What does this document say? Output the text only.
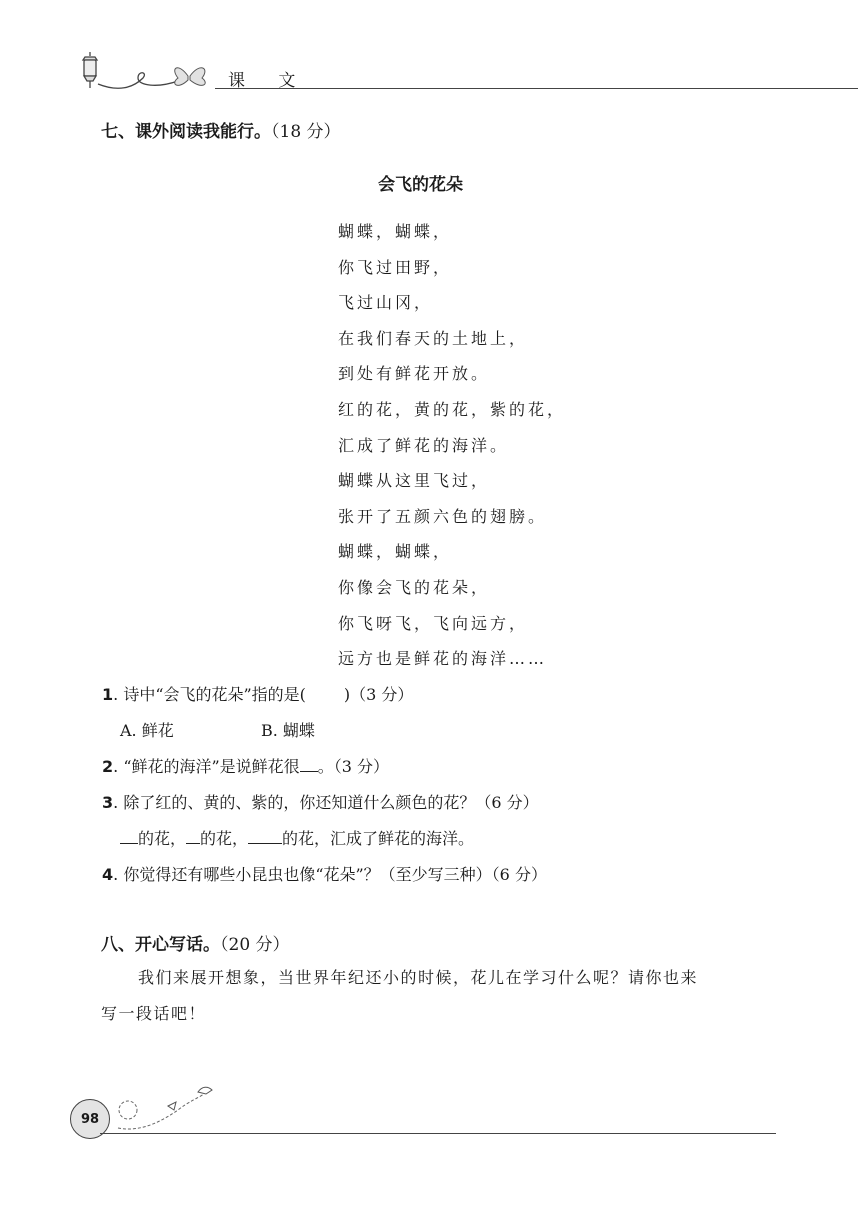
课 文
七、课外阅读我能行。（18 分）
会飞的花朵
蝴蝶，蝴蝶，
你飞过田野，
飞过山冈，
在我们春天的土地上，
到处有鲜花开放。
红的花，黄的花，紫的花，
汇成了鲜花的海洋。
蝴蝶从这里飞过，
张开了五颜六色的翅膀。
蝴蝶，蝴蝶，
你像会飞的花朵，
你飞呀飞，飞向远方，
远方也是鲜花的海洋……
1. 诗中“会飞的花朵”指的是( )（3 分）
A. 鲜花	B. 蝴蝶
2. “鲜花的海洋”是说鲜花很 。（3 分）
3. 除了红的、黄的、紫的，你还知道什么颜色的花？（6 分）
的花， 的花， 的花，汇成了鲜花的海洋。
4. 你觉得还有哪些小昆虫也像“花朵”？（至少写三种）（6 分）
八、开心写话。（20 分）
我们来展开想象，当世界年纪还小的时候，花儿在学习什么呢？请你也来
写一段话吧！
98
